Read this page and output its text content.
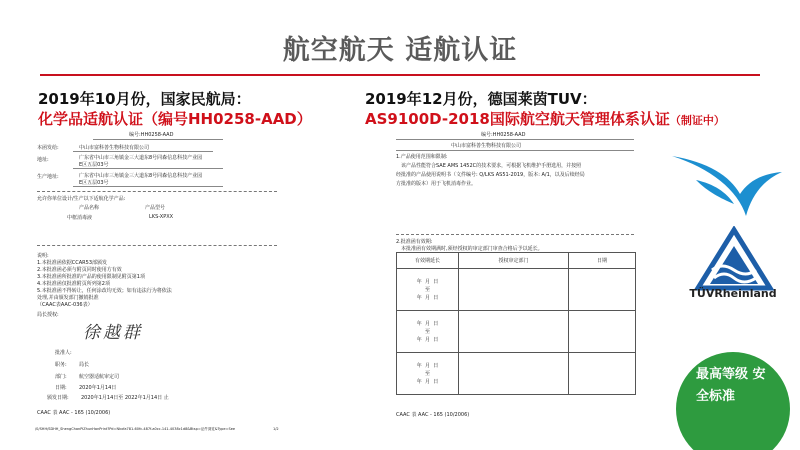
航空航天 适航认证
2019年10月份，国家民航局：
化学品适航认证（编号HH0258-AAD）
2019年12月份，德国莱茵TUV：
AS9100D-2018国际航空航天管理体系认证（制证中）
编号:HH0258-AAD
本函发给:	中山市富科善生物科技有限公司
地址:	广东省中山市三角镇金三大道东8号同森信息科技产业园
E区五层03号
生产地址:	广东省中山市三角镇金三大道东8号同森信息科技产业园
E区五层03号
允许你单位设计/生产以下适航化学产品:
产品名称	产品型号
中框消毒液	LKS-XPXX
说明:
1.本批准函依据CCAR53部颁发
2.本批准函必须与附页同时使用方有效
3.本批准函所批准的产品的使用限制见附页第1项
4.本批准函仅批准附页所列第2项
5.本批准函不得转让，任何涂改均无效；如有违法行为将依法
处理,并由颁发部门撤销批准
（CAAC表AAC-036表）
局长授权:
徐越群
批准人:
职务: 局长
部门: 航空器适航审定司
日期: 2020年1月14日
颁发日期: 2020年1月14日至 2022年1月14日 止
CAAC 表 AAC - 165 (10/2006)
/0/SHH/SDHH_ShengChanPiZhunHanPrint?Pd=Nkxfa781-60fc-487f-a0cc-141-4038c1d8&Btsp=证件浏览&Type=See	1/2
编号:HH0258-AAD
中山市富科善生物科技有限公司
1.产品使用范围和限制:
该产品性能符合SAE AMS 1452C的技术要求，可根据飞机维护手册选用，并按照
经批准的产品使用说明书（文件编号: Q/LKS AS51-2019，版本: A/1，以及后续经局
方批准的版本）用于飞机消毒作业。
2.批准函有效期:
本批准函有效期满时,须经授权的审定部门审查合格后予以延长。
有效期延长	授权审定部门	日期
年 月 日
至
年 月 日		
年 月 日
至
年 月 日		
年 月 日
至
年 月 日		
CAAC 表 AAC - 165 (10/2006)
TÜVRheinland
最高等级 安全标准
